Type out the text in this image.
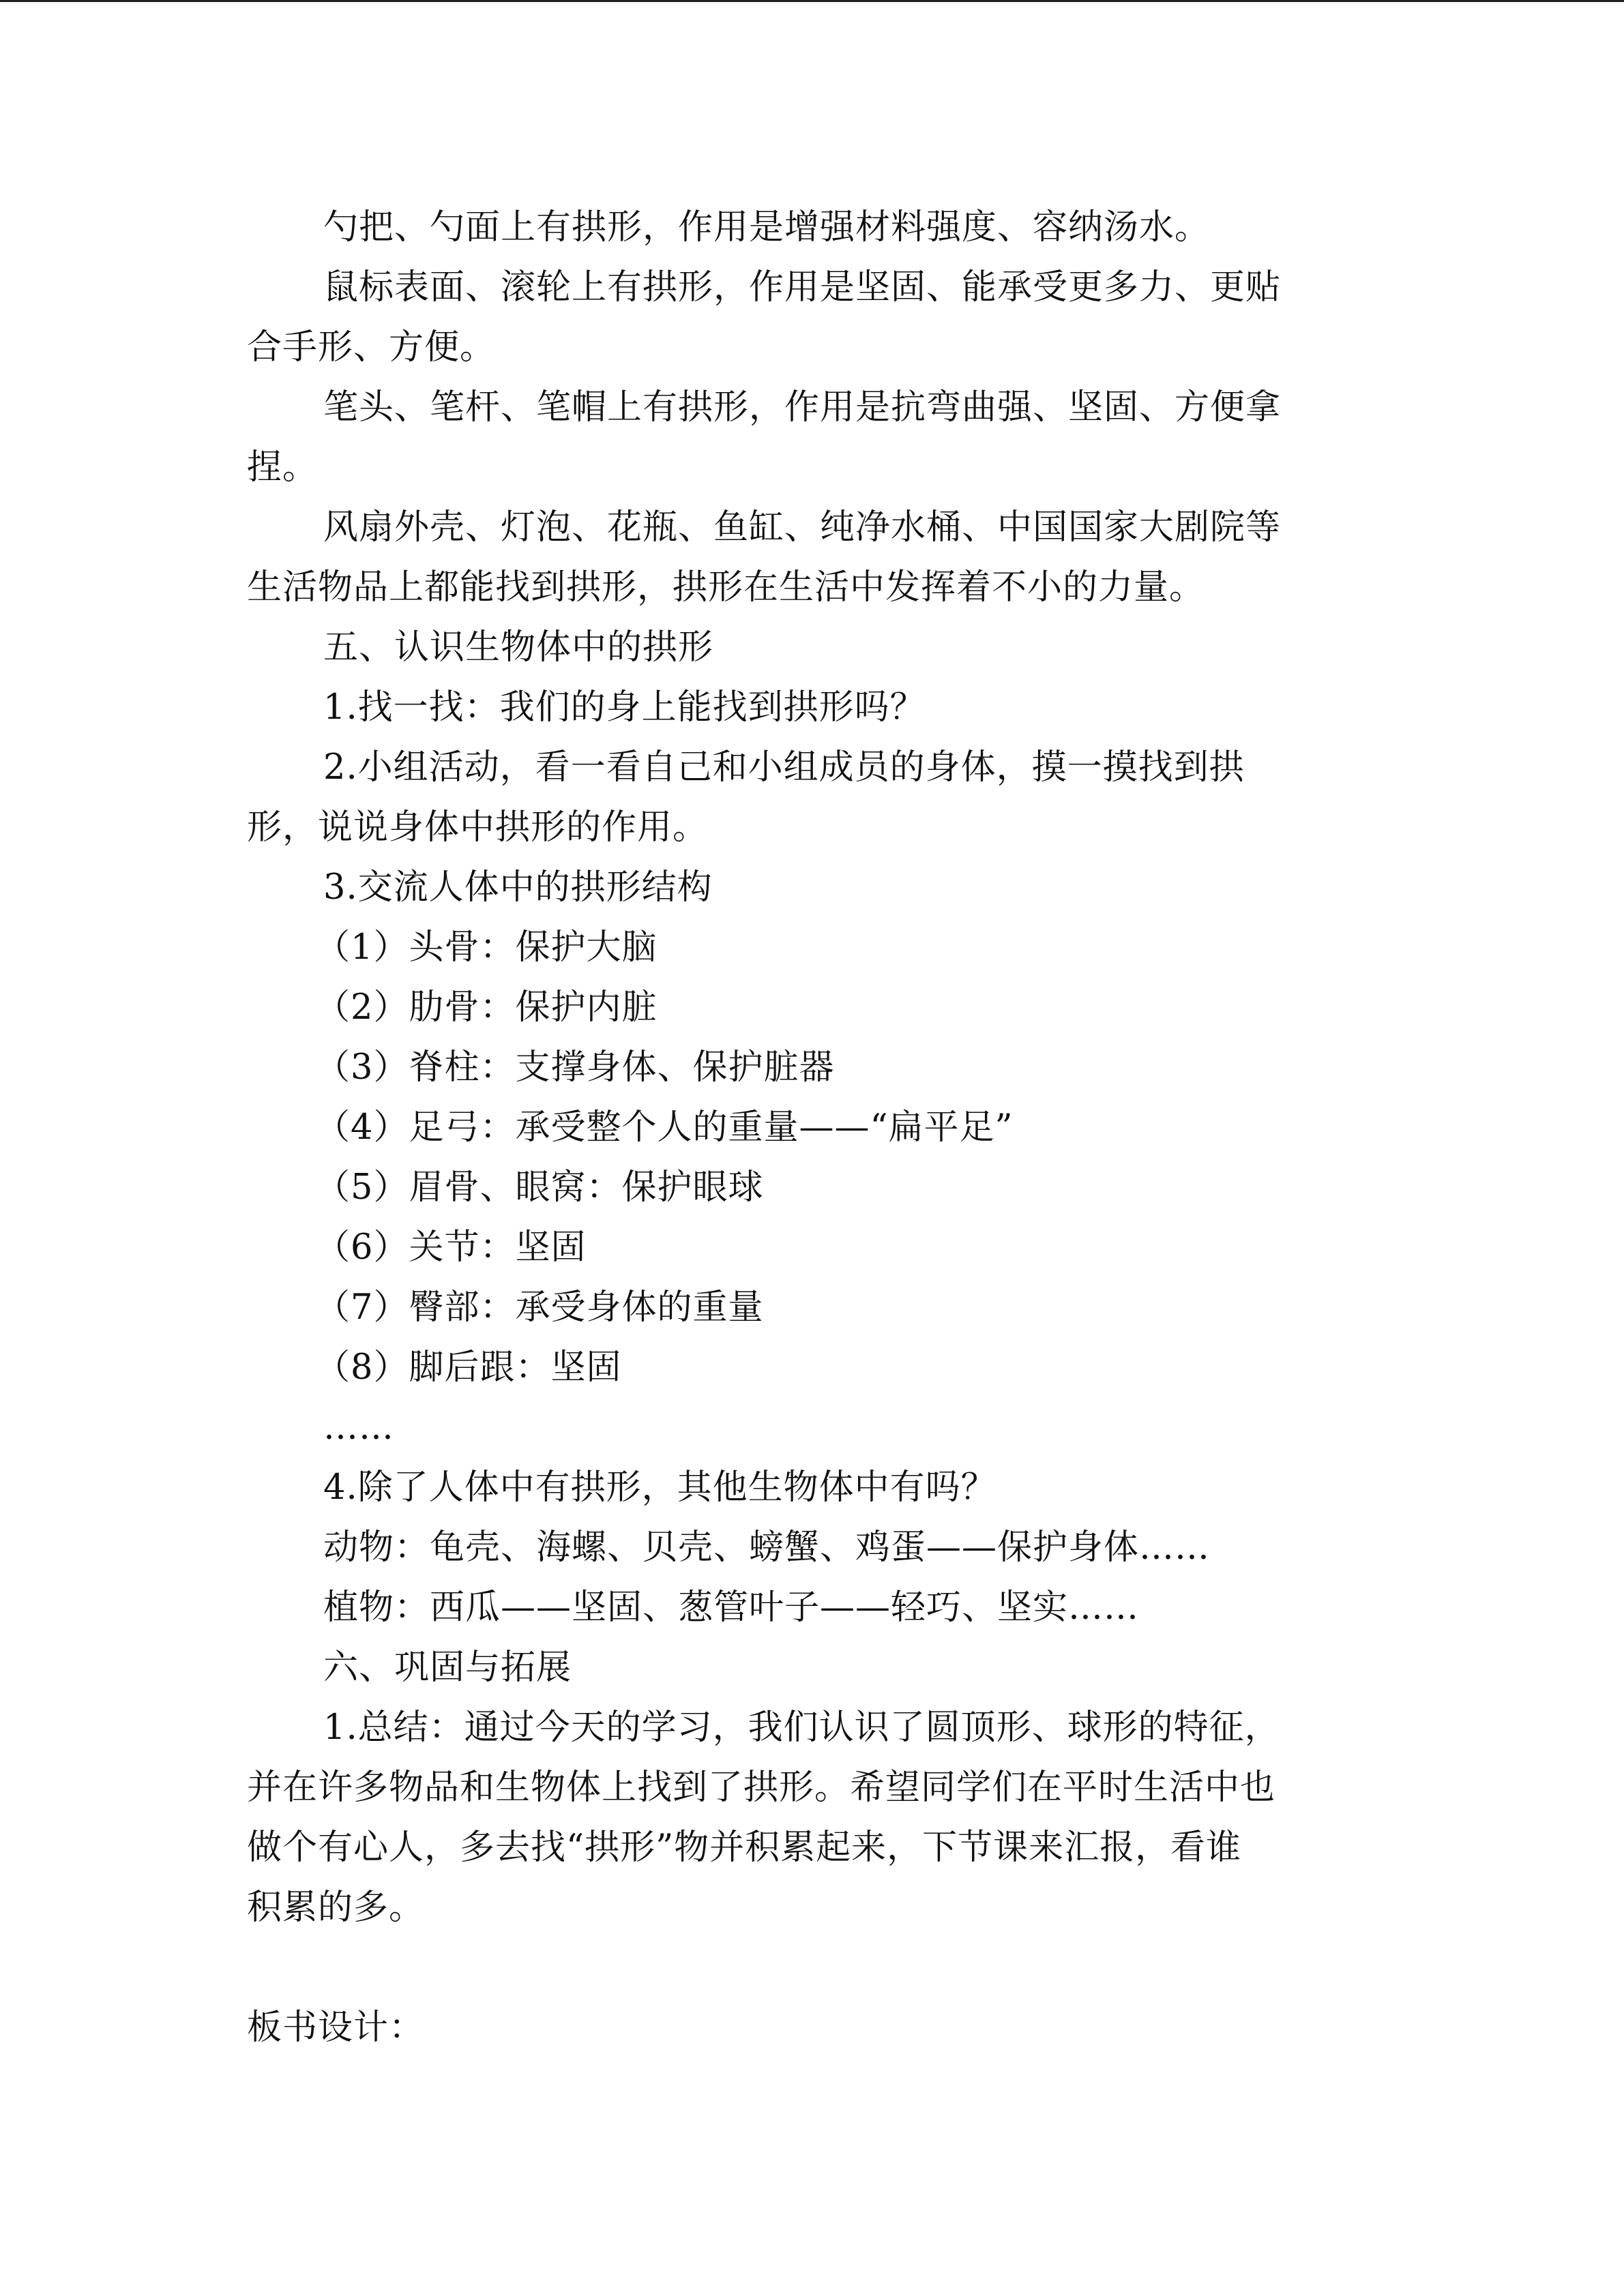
勺把、勺面上有拱形，作用是增强材料强度、容纳汤水。
鼠标表面、滚轮上有拱形，作用是坚固、能承受更多力、更贴
合手形、方便。
笔头、笔杆、笔帽上有拱形，作用是抗弯曲强、坚固、方便拿
捏。
风扇外壳、灯泡、花瓶、鱼缸、纯净水桶、中国国家大剧院等
生活物品上都能找到拱形，拱形在生活中发挥着不小的力量。
五、认识生物体中的拱形
1.找一找：我们的身上能找到拱形吗？
2.小组活动，看一看自己和小组成员的身体，摸一摸找到拱
形，说说身体中拱形的作用。
3.交流人体中的拱形结构
（1）头骨：保护大脑
（2）肋骨：保护内脏
（3）脊柱：支撑身体、保护脏器
（4）足弓：承受整个人的重量——“扁平足”
（5）眉骨、眼窝：保护眼球
（6）关节：坚固
（7）臀部：承受身体的重量
（8）脚后跟：坚固
……
4.除了人体中有拱形，其他生物体中有吗？
动物：龟壳、海螺、贝壳、螃蟹、鸡蛋——保护身体……
植物：西瓜——坚固、葱管叶子——轻巧、坚实……
六、巩固与拓展
1.总结：通过今天的学习，我们认识了圆顶形、球形的特征，
并在许多物品和生物体上找到了拱形。希望同学们在平时生活中也
做个有心人，多去找“拱形”物并积累起来，下节课来汇报，看谁
积累的多。
板书设计：
